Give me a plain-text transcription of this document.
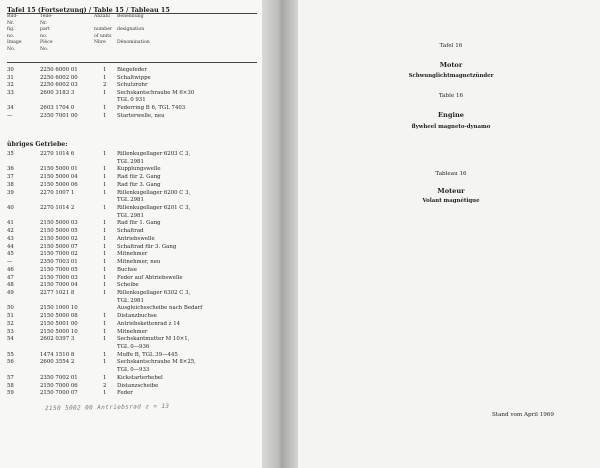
Tafel 15 (Fortsetzung) / Table 15 / Tableau 15
Bild-
Nr.
fig.
no.
Image
No.
Teile-
Nr.
part
no.
Pièce
No.
Anzahl

number
of units
Nbre
Benennung

designation

Dénomination
30	2250 6000 01	1 Biegefeder
31	2250 6002 00	1 Schaltwippe
32	2250 6002 03	2 Schutzrohr
33	2600 3183 3	1 Sechskantschraube M 6×30
TGL 0 931
34	2603 1704 0	1 Federring B 6, TGL 7403
—	2350 7001 00	1 Starterwelle, neu
übriges Getriebe:
35	2270 1014 6	1 Rillenkugellager 6203 C 3,
TGL 2981
36	2150 5000 01	1 Kupplungswelle
37	2150 5000 04	1 Rad für 2. Gang
38	2150 5000 06	1 Rad für 3. Gang
39	2270 1007 1	1 Rillenkugellager 6200 C 3,
TGL 2981
40	2270 1014 2	1 Rillenkugellager 6201 C 3,
TGL 2981
41	2150 5000 03	1 Rad für 1. Gang
42	2150 5000 05	1 Schaltrad
43	2150 5000 02	1 Antriebswelle
44	2150 5000 07	1 Schaltrad für 3. Gang
45	2150 7000 02	1 Mitnehmer
—	2350 7003 01	1 Mitnehmer, neu
46	2150 7000 05	1 Buchse
47	2150 7000 03	1 Feder auf Abtriebswelle
48	2150 7000 04	1 Scheibe
49	2277 1021 8	1 Rillenkugellager 6302 C 3,
TGL 2981
50	2150 1000 10	Ausgleichsscheibe nach Bedarf
51	2150 5000 08	1 Distanzbuchse
52	2150 5001 00	1 Antriebskettenrad z 14
53	2150 5000 10	1 Mitnehmer
54	2602 0397 3	1 Sechskantmutter M 10×1,
TGL 0—936
55	1474 1510 8	1 Muffe B, TGL 39—445
56	2600 3554 2	1 Sechskantschraube M 8×25,
TGL 0—933
57	2350 7002 01	1 Kickstarterhebel
58	2150 7000 06	2 Distanzscheibe
59	2150 7000 07	1 Feder
2150 5002 00 Antriebsrad z = 13
Tafel 16
Motor
Schwunglichtmagnetzünder
Table 16
Engine
flywheel magneto-dynamo
Tableau 16
Moteur
Volant magnétique
Stand vom April 1969
